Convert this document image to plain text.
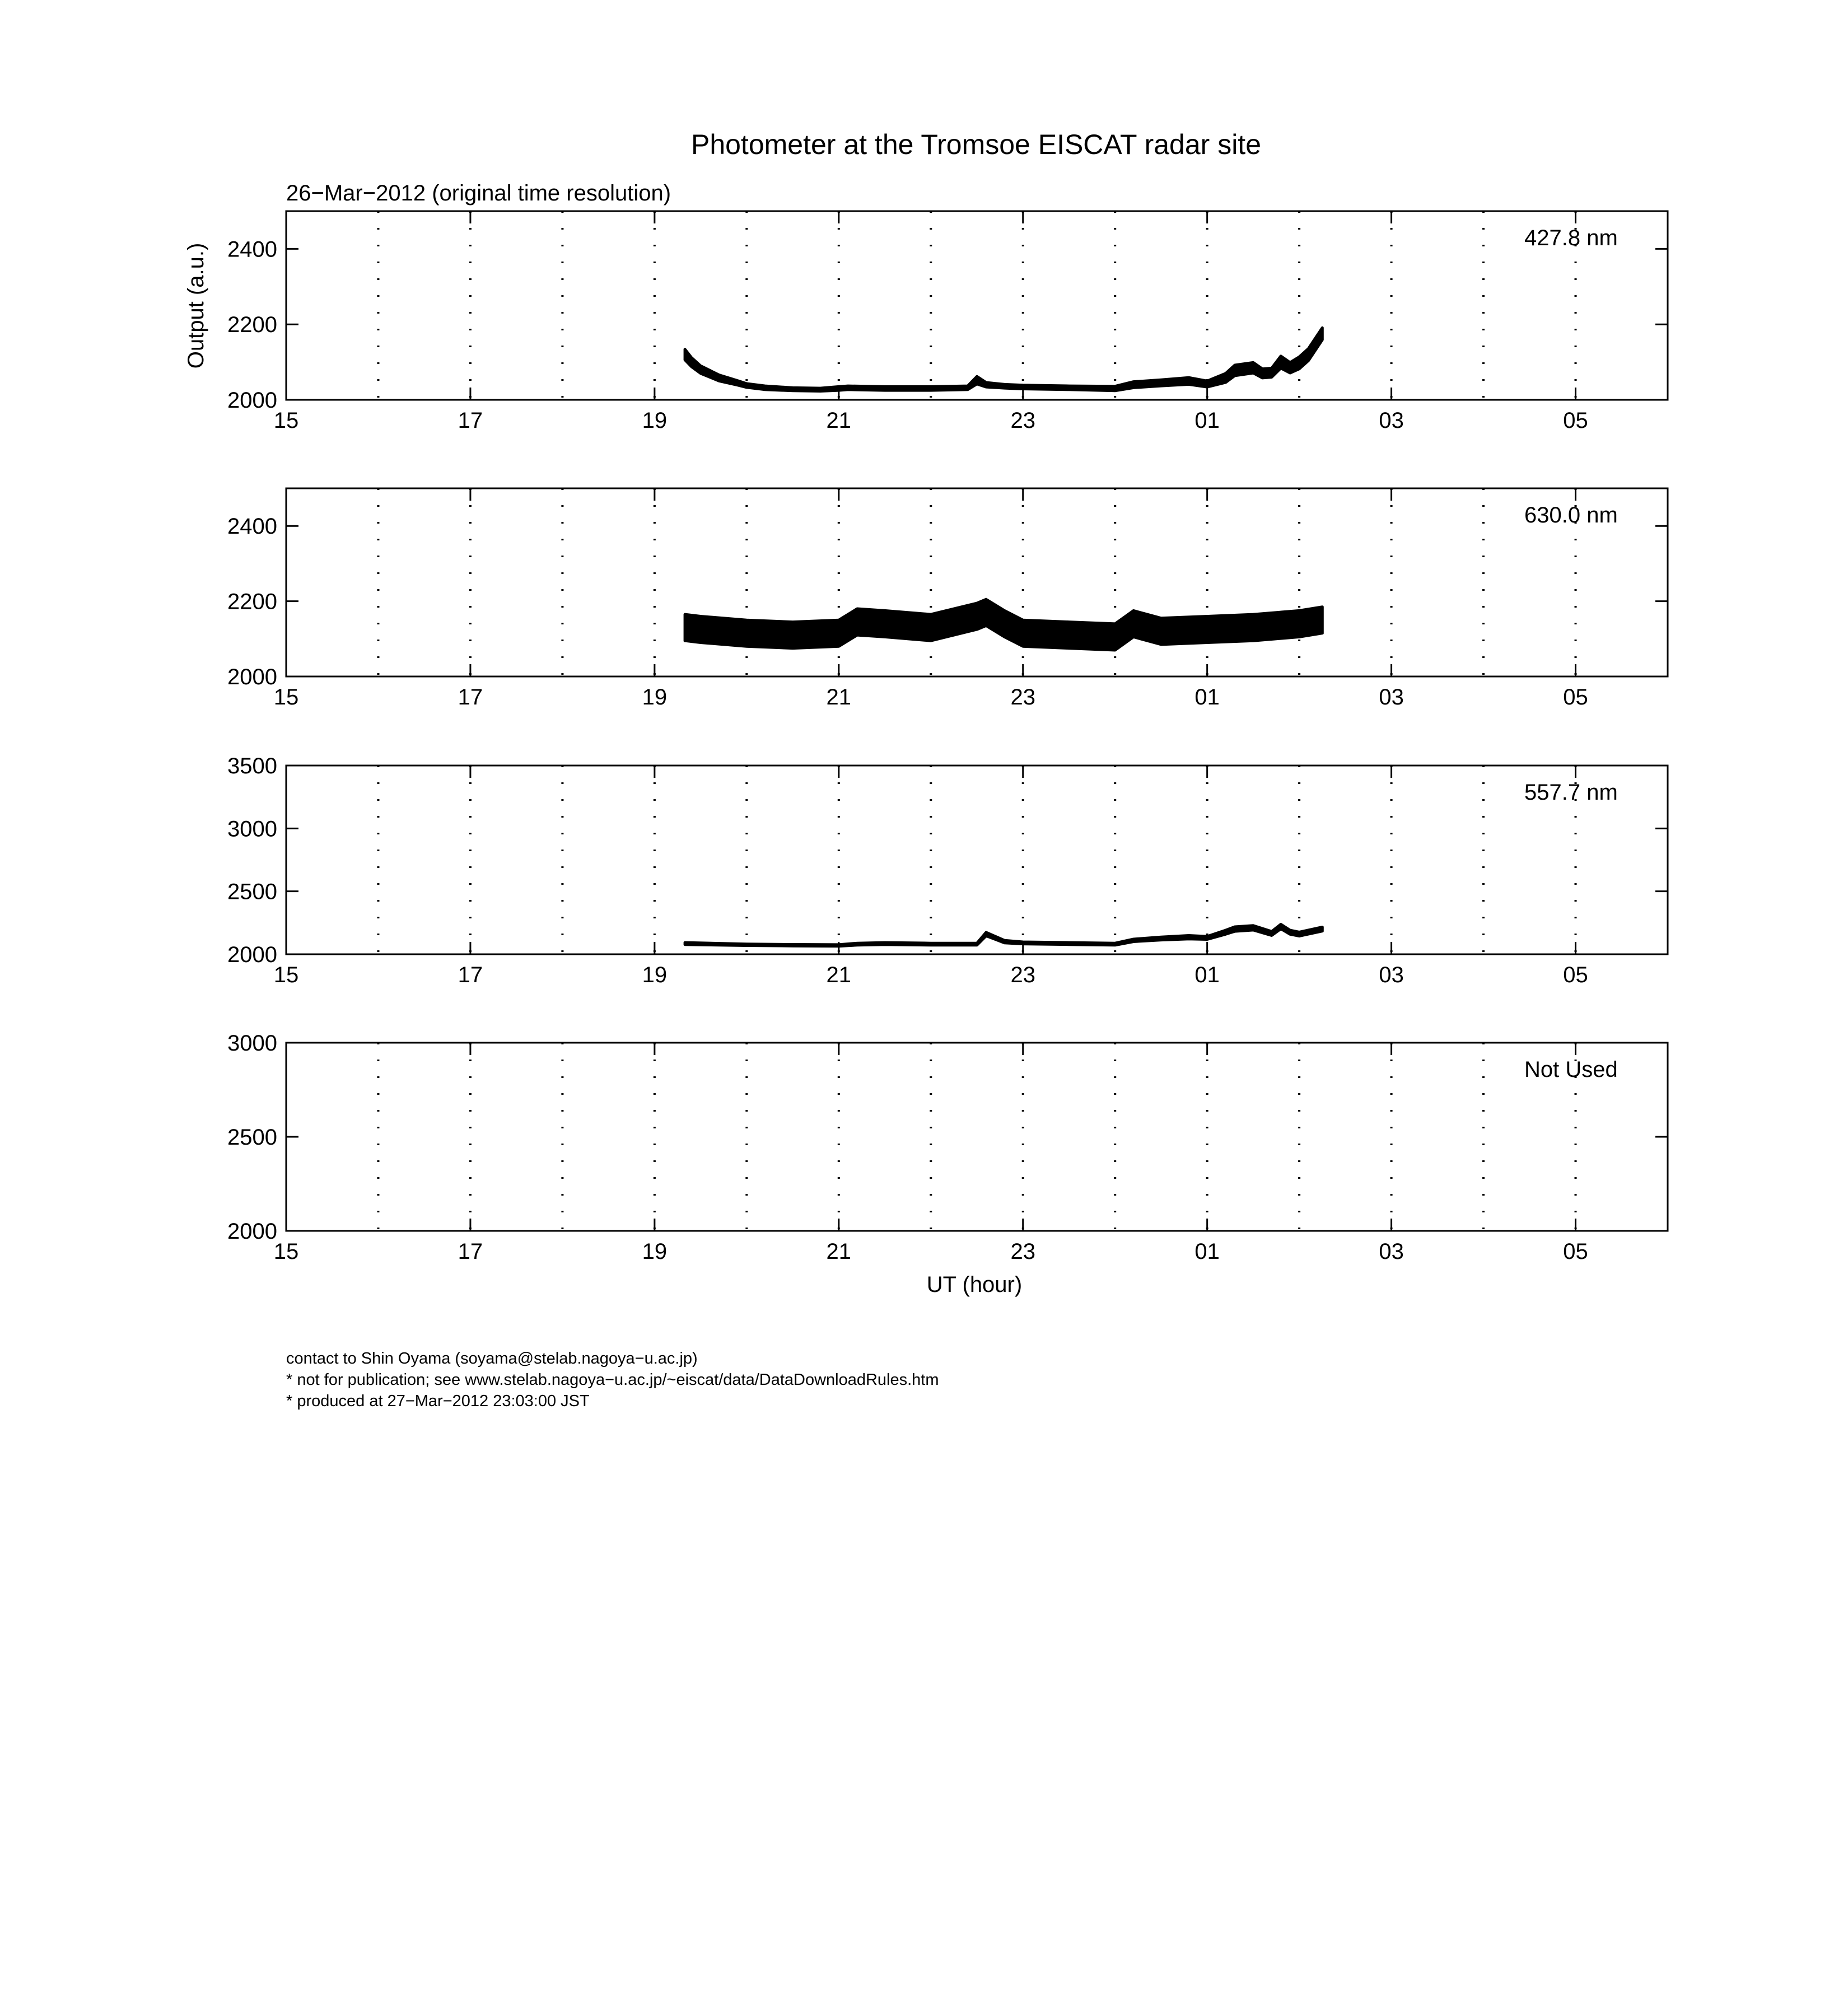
Photometer at the Tromsoe EISCAT radar site
26−Mar−2012 (original time resolution)
Output (a.u.)
UT (hour)
15	17	19	21	23	01	03	05
2000
2200
2400	427.8 nm
15	17	19	21	23	01	03	05
2000
2200
2400	630.0 nm
15	17	19	21	23	01	03	05
2000
2500
3000
3500
557.7 nm
15	17	19	21	23	01	03	05
2000
2500
3000
Not Used
contact to Shin Oyama (soyama@stelab.nagoya−u.ac.jp)
* not for publication; see www.stelab.nagoya−u.ac.jp/~eiscat/data/DataDownloadRules.htm
* produced at 27−Mar−2012 23:03:00 JST
